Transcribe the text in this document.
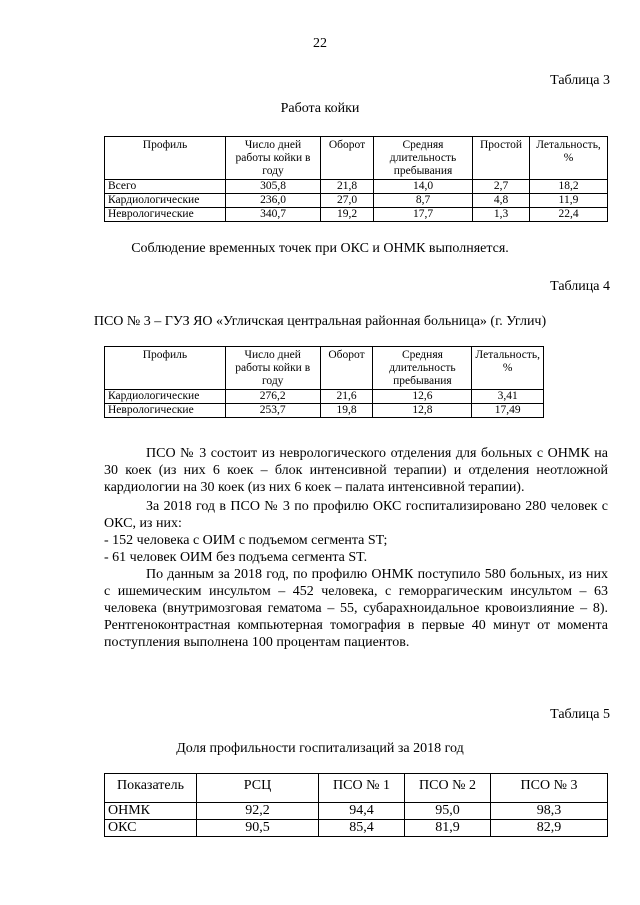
22
Таблица 3
Работа койки
Профиль	Число дней работы койки в году	Оборот	Средняя длительность пребывания	Простой	Летальность, %
Всего	305,8	21,8	14,0	2,7	18,2
Кардиологические	236,0	27,0	8,7	4,8	11,9
Неврологические	340,7	19,2	17,7	1,3	22,4
Соблюдение временных точек при ОКС и ОНМК выполняется.
Таблица 4
ПСО № 3 – ГУЗ ЯО «Угличская центральная районная больница» (г. Углич)
Профиль	Число дней работы койки в году	Оборот	Средняя длительность пребывания	Летальность, %
Кардиологические	276,2	21,6	12,6	3,41
Неврологические	253,7	19,8	12,8	17,49

ПСО № 3 состоит из неврологического отделения для больных с ОНМК на 30 коек (из них 6 коек – блок интенсивной терапии) и отделения неотложной кардиологии на 30 коек (из них 6 коек – палата интенсивной терапии).

За 2018 год в ПСО № 3 по профилю ОКС госпитализировано 280 человек с ОКС, из них:

- 152 человека с ОИМ с подъемом сегмента ST;

- 61 человек ОИМ без подъема сегмента ST.

По данным за 2018 год, по профилю ОНМК поступило 580 больных, из них с ишемическим инсультом – 452 человека, с геморрагическим инсультом – 63 человека (внутримозговая гематома – 55, субарахноидальное кровоизлияние – 8). Рентгеноконтрастная компьютерная томография в первые 40 минут от момента поступления выполнена 100 процентам пациентов.

Таблица 5
Доля профильности госпитализаций за 2018 год
Показатель	РСЦ	ПСО № 1	ПСО № 2	ПСО № 3
ОНМК	92,2	94,4	95,0	98,3
ОКС	90,5	85,4	81,9	82,9
